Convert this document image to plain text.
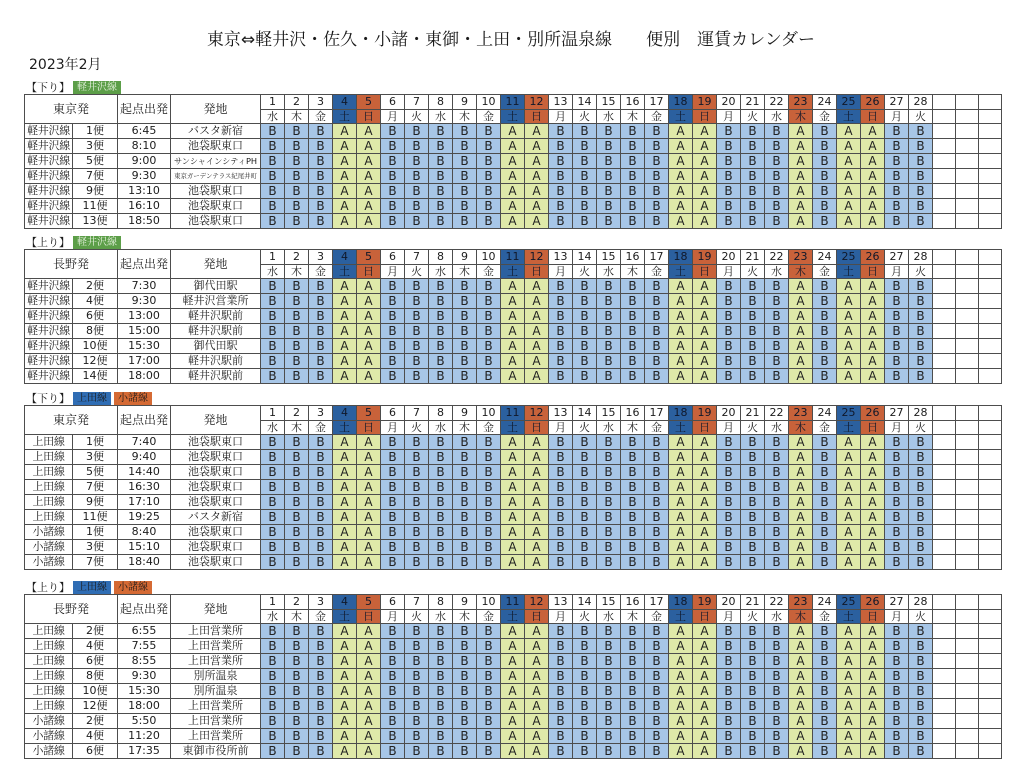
東京⇔軽井沢・佐久・小諸・東御・上田・別所温泉線　　便別　運賃カレンダー
2023年2月
【下り】 軽井沢線
東京発		起点出発	発地	1	2	3	4	5	6	7	8	9	10	11	12	13	14	15	16	17	18	19	20	21	22	23	24	25	26	27	28			
				水	木	金	土	日	月	火	水	木	金	土	日	月	火	水	木	金	土	日	月	火	水	木	金	土	日	月	火			
軽井沢線	1便	6:45	バスタ新宿	B	B	B	A	A	B	B	B	B	B	A	A	B	B	B	B	B	A	A	B	B	B	A	B	A	A	B	B			
軽井沢線	3便	8:10	池袋駅東口	B	B	B	A	A	B	B	B	B	B	A	A	B	B	B	B	B	A	A	B	B	B	A	B	A	A	B	B			
軽井沢線	5便	9:00	サンシャインシティPH	B	B	B	A	A	B	B	B	B	B	A	A	B	B	B	B	B	A	A	B	B	B	A	B	A	A	B	B			
軽井沢線	7便	9:30	東京ガーデンテラス紀尾井町	B	B	B	A	A	B	B	B	B	B	A	A	B	B	B	B	B	A	A	B	B	B	A	B	A	A	B	B			
軽井沢線	9便	13:10	池袋駅東口	B	B	B	A	A	B	B	B	B	B	A	A	B	B	B	B	B	A	A	B	B	B	A	B	A	A	B	B			
軽井沢線	11便	16:10	池袋駅東口	B	B	B	A	A	B	B	B	B	B	A	A	B	B	B	B	B	A	A	B	B	B	A	B	A	A	B	B			
軽井沢線	13便	18:50	池袋駅東口	B	B	B	A	A	B	B	B	B	B	A	A	B	B	B	B	B	A	A	B	B	B	A	B	A	A	B	B			
【上り】 軽井沢線
長野発		起点出発	発地	1	2	3	4	5	6	7	8	9	10	11	12	13	14	15	16	17	18	19	20	21	22	23	24	25	26	27	28			
				水	木	金	土	日	月	火	水	木	金	土	日	月	火	水	木	金	土	日	月	火	水	木	金	土	日	月	火			
軽井沢線	2便	7:30	御代田駅	B	B	B	A	A	B	B	B	B	B	A	A	B	B	B	B	B	A	A	B	B	B	A	B	A	A	B	B			
軽井沢線	4便	9:30	軽井沢営業所	B	B	B	A	A	B	B	B	B	B	A	A	B	B	B	B	B	A	A	B	B	B	A	B	A	A	B	B			
軽井沢線	6便	13:00	軽井沢駅前	B	B	B	A	A	B	B	B	B	B	A	A	B	B	B	B	B	A	A	B	B	B	A	B	A	A	B	B			
軽井沢線	8便	15:00	軽井沢駅前	B	B	B	A	A	B	B	B	B	B	A	A	B	B	B	B	B	A	A	B	B	B	A	B	A	A	B	B			
軽井沢線	10便	15:30	御代田駅	B	B	B	A	A	B	B	B	B	B	A	A	B	B	B	B	B	A	A	B	B	B	A	B	A	A	B	B			
軽井沢線	12便	17:00	軽井沢駅前	B	B	B	A	A	B	B	B	B	B	A	A	B	B	B	B	B	A	A	B	B	B	A	B	A	A	B	B			
軽井沢線	14便	18:00	軽井沢駅前	B	B	B	A	A	B	B	B	B	B	A	A	B	B	B	B	B	A	A	B	B	B	A	B	A	A	B	B			
【下り】 上田線	小諸線
東京発		起点出発	発地	1	2	3	4	5	6	7	8	9	10	11	12	13	14	15	16	17	18	19	20	21	22	23	24	25	26	27	28			
				水	木	金	土	日	月	火	水	木	金	土	日	月	火	水	木	金	土	日	月	火	水	木	金	土	日	月	火			
上田線	1便	7:40	池袋駅東口	B	B	B	A	A	B	B	B	B	B	A	A	B	B	B	B	B	A	A	B	B	B	A	B	A	A	B	B			
上田線	3便	9:40	池袋駅東口	B	B	B	A	A	B	B	B	B	B	A	A	B	B	B	B	B	A	A	B	B	B	A	B	A	A	B	B			
上田線	5便	14:40	池袋駅東口	B	B	B	A	A	B	B	B	B	B	A	A	B	B	B	B	B	A	A	B	B	B	A	B	A	A	B	B			
上田線	7便	16:30	池袋駅東口	B	B	B	A	A	B	B	B	B	B	A	A	B	B	B	B	B	A	A	B	B	B	A	B	A	A	B	B			
上田線	9便	17:10	池袋駅東口	B	B	B	A	A	B	B	B	B	B	A	A	B	B	B	B	B	A	A	B	B	B	A	B	A	A	B	B			
上田線	11便	19:25	バスタ新宿	B	B	B	A	A	B	B	B	B	B	A	A	B	B	B	B	B	A	A	B	B	B	A	B	A	A	B	B			
小諸線	1便	8:40	池袋駅東口	B	B	B	A	A	B	B	B	B	B	A	A	B	B	B	B	B	A	A	B	B	B	A	B	A	A	B	B			
小諸線	3便	15:10	池袋駅東口	B	B	B	A	A	B	B	B	B	B	A	A	B	B	B	B	B	A	A	B	B	B	A	B	A	A	B	B			
小諸線	7便	18:40	池袋駅東口	B	B	B	A	A	B	B	B	B	B	A	A	B	B	B	B	B	A	A	B	B	B	A	B	A	A	B	B			
【上り】 上田線	小諸線
長野発		起点出発	発地	1	2	3	4	5	6	7	8	9	10	11	12	13	14	15	16	17	18	19	20	21	22	23	24	25	26	27	28			
				水	木	金	土	日	月	火	水	木	金	土	日	月	火	水	木	金	土	日	月	火	水	木	金	土	日	月	火			
上田線	2便	6:55	上田営業所	B	B	B	A	A	B	B	B	B	B	A	A	B	B	B	B	B	A	A	B	B	B	A	B	A	A	B	B			
上田線	4便	7:55	上田営業所	B	B	B	A	A	B	B	B	B	B	A	A	B	B	B	B	B	A	A	B	B	B	A	B	A	A	B	B			
上田線	6便	8:55	上田営業所	B	B	B	A	A	B	B	B	B	B	A	A	B	B	B	B	B	A	A	B	B	B	A	B	A	A	B	B			
上田線	8便	9:30	別所温泉	B	B	B	A	A	B	B	B	B	B	A	A	B	B	B	B	B	A	A	B	B	B	A	B	A	A	B	B			
上田線	10便	15:30	別所温泉	B	B	B	A	A	B	B	B	B	B	A	A	B	B	B	B	B	A	A	B	B	B	A	B	A	A	B	B			
上田線	12便	18:00	上田営業所	B	B	B	A	A	B	B	B	B	B	A	A	B	B	B	B	B	A	A	B	B	B	A	B	A	A	B	B			
小諸線	2便	5:50	上田営業所	B	B	B	A	A	B	B	B	B	B	A	A	B	B	B	B	B	A	A	B	B	B	A	B	A	A	B	B			
小諸線	4便	11:20	上田営業所	B	B	B	A	A	B	B	B	B	B	A	A	B	B	B	B	B	A	A	B	B	B	A	B	A	A	B	B			
小諸線	6便	17:35	東御市役所前	B	B	B	A	A	B	B	B	B	B	A	A	B	B	B	B	B	A	A	B	B	B	A	B	A	A	B	B			
